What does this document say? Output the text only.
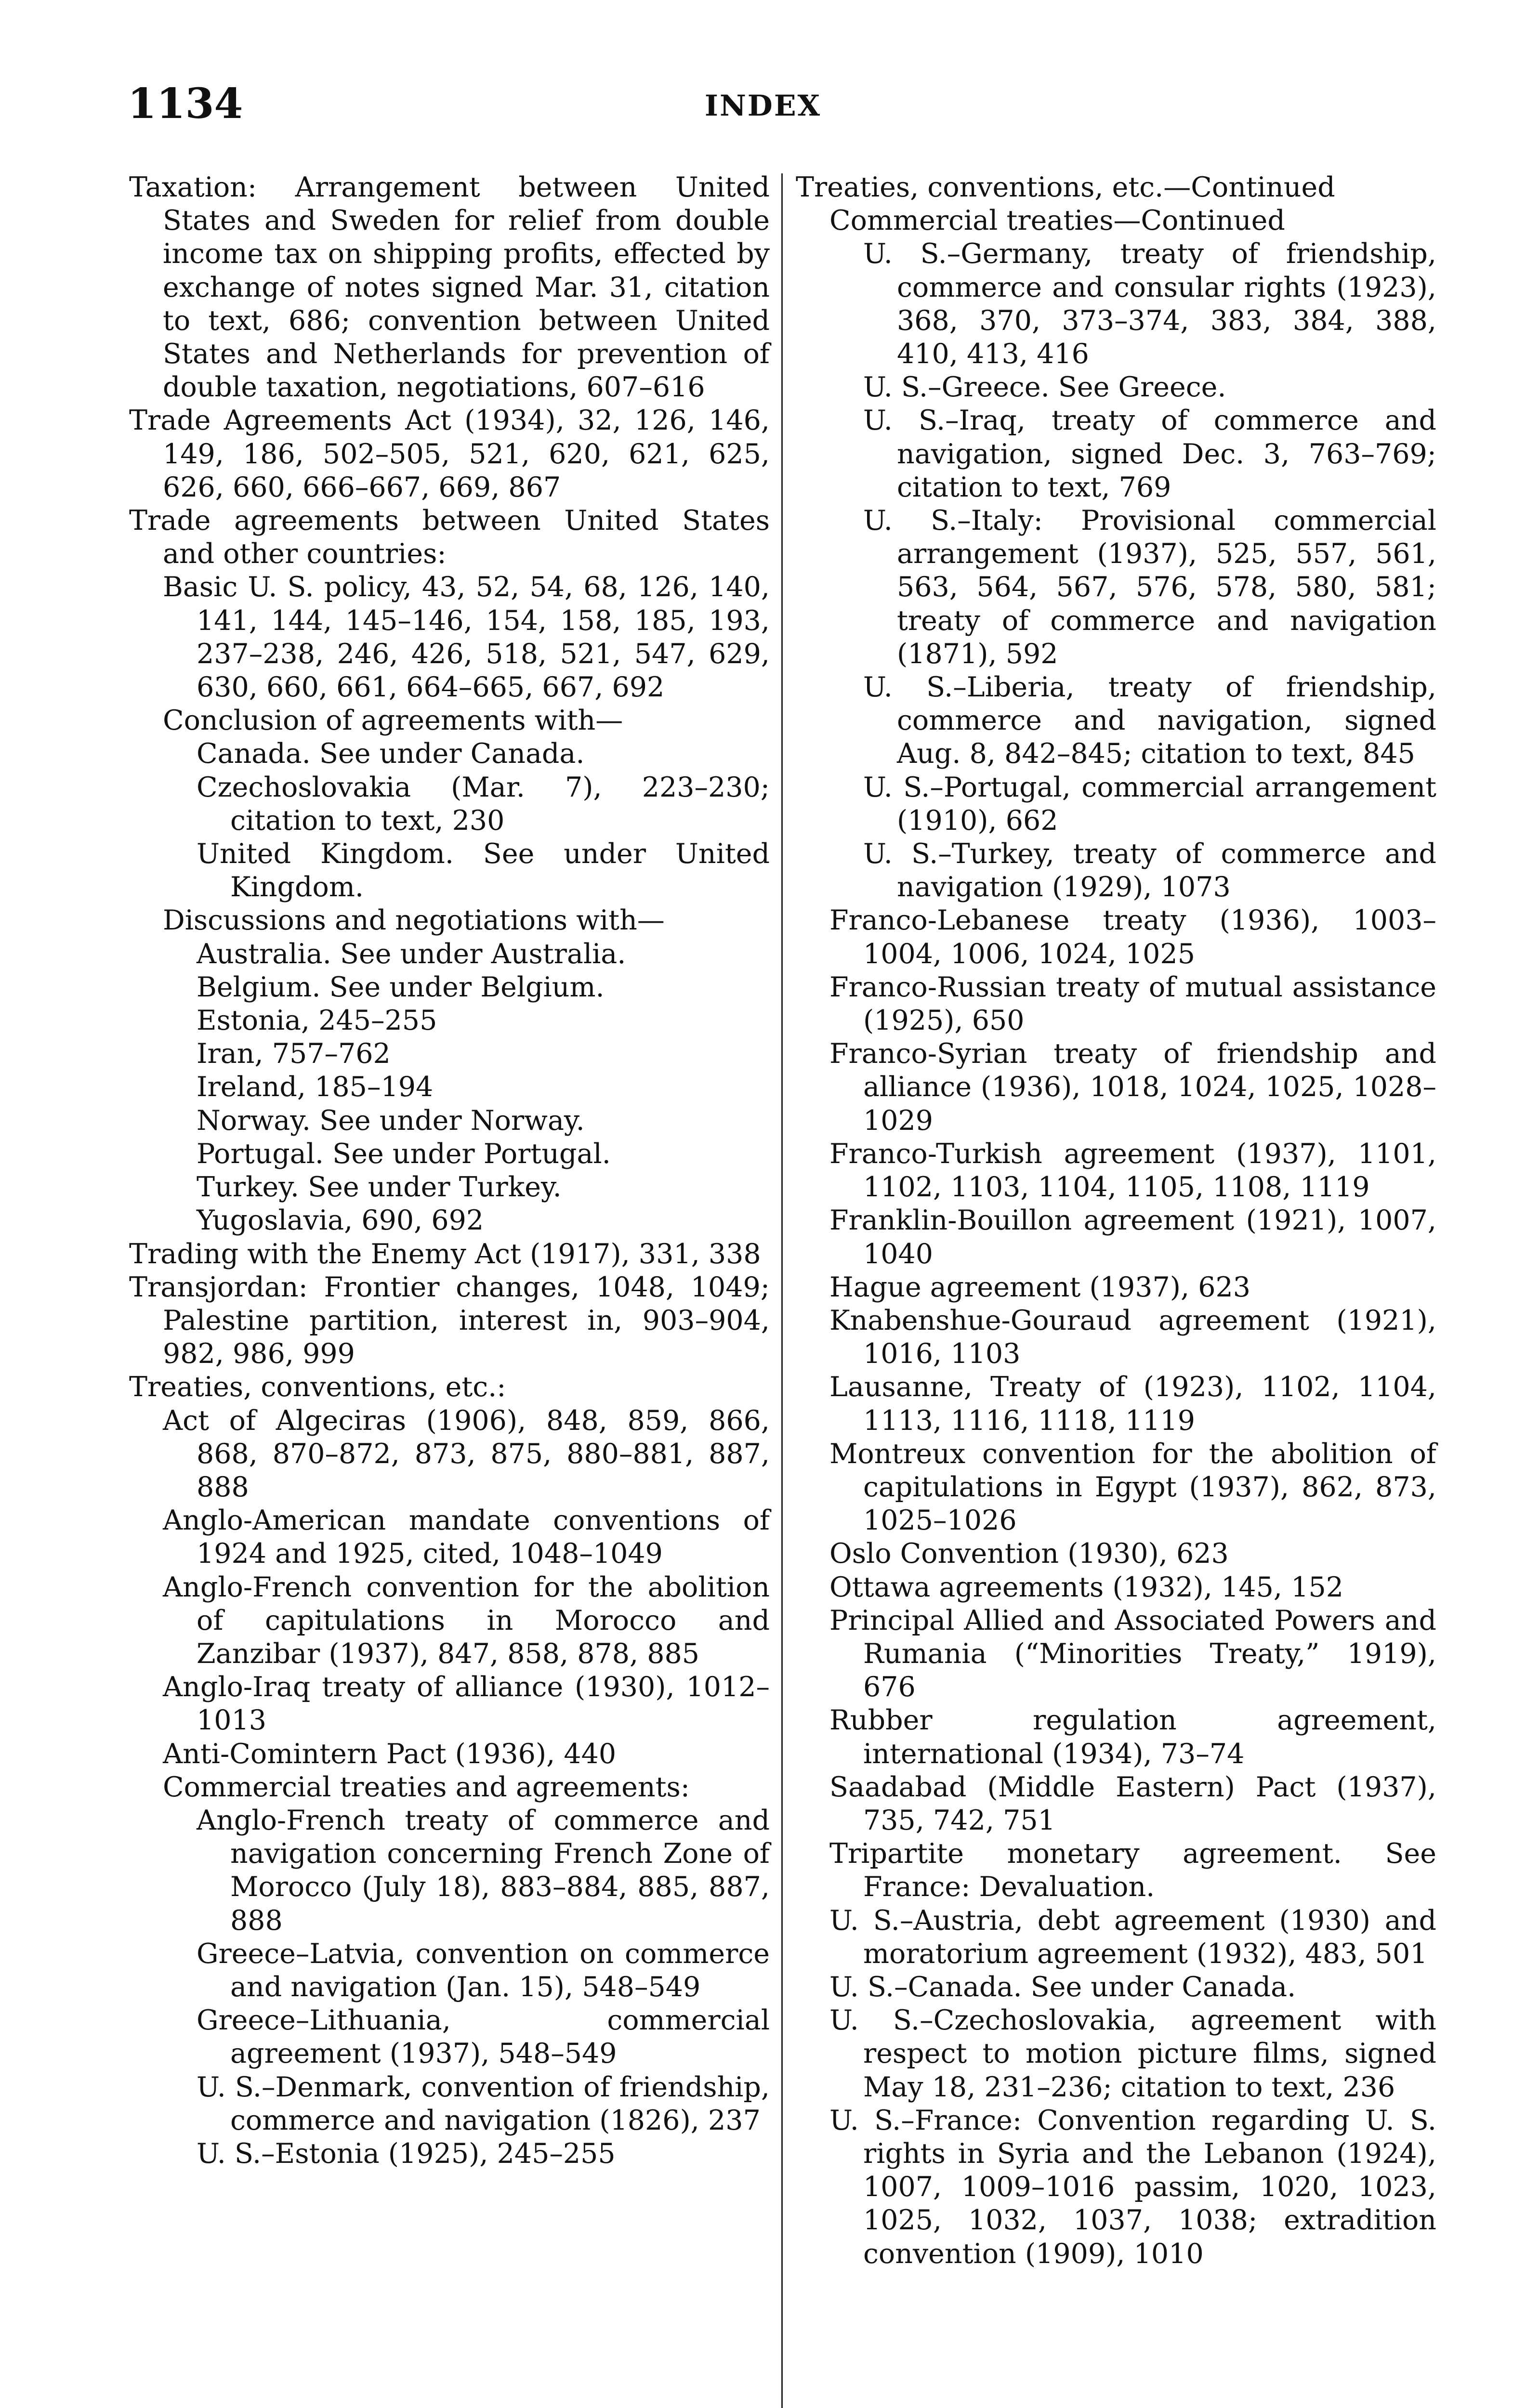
1134	INDEX
Taxation: Arrangement between United States and Sweden for relief from double income tax on shipping profits, effected by exchange of notes signed Mar. 31, citation to text, 686; convention between United States and Netherlands for prevention of double taxation, negotiations, 607–616
Trade Agreements Act (1934), 32, 126, 146, 149, 186, 502–505, 521, 620, 621, 625, 626, 660, 666–667, 669, 867
Trade agreements between United States and other countries:
Basic U. S. policy, 43, 52, 54, 68, 126, 140, 141, 144, 145–146, 154, 158, 185, 193, 237–238, 246, 426, 518, 521, 547, 629, 630, 660, 661, 664–665, 667, 692
Conclusion of agreements with—
Canada. See under Canada.
Czechoslovakia (Mar. 7), 223–230; citation to text, 230
United Kingdom. See under United Kingdom.
Discussions and negotiations with—
Australia. See under Australia.
Belgium. See under Belgium.
Estonia, 245–255
Iran, 757–762
Ireland, 185–194
Norway. See under Norway.
Portugal. See under Portugal.
Turkey. See under Turkey.
Yugoslavia, 690, 692
Trading with the Enemy Act (1917), 331, 338
Transjordan: Frontier changes, 1048, 1049; Palestine partition, interest in, 903–904, 982, 986, 999
Treaties, conventions, etc.:
Act of Algeciras (1906), 848, 859, 866, 868, 870–872, 873, 875, 880–881, 887, 888
Anglo-American mandate conventions of 1924 and 1925, cited, 1048–1049
Anglo-French convention for the abolition of capitulations in Morocco and Zanzibar (1937), 847, 858, 878, 885
Anglo-Iraq treaty of alliance (1930), 1012–1013
Anti-Comintern Pact (1936), 440
Commercial treaties and agreements:
Anglo-French treaty of commerce and navigation concerning French Zone of Morocco (July 18), 883–884, 885, 887, 888
Greece–Latvia, convention on commerce and navigation (Jan. 15), 548–549
Greece–Lithuania, commercial agreement (1937), 548–549
U. S.–Denmark, convention of friendship, commerce and navigation (1826), 237
U. S.–Estonia (1925), 245–255
Treaties, conventions, etc.—Continued
Commercial treaties—Continued
U. S.–Germany, treaty of friendship, commerce and consular rights (1923), 368, 370, 373–374, 383, 384, 388, 410, 413, 416
U. S.–Greece. See Greece.
U. S.–Iraq, treaty of commerce and navigation, signed Dec. 3, 763–769; citation to text, 769
U. S.–Italy: Provisional commercial arrangement (1937), 525, 557, 561, 563, 564, 567, 576, 578, 580, 581; treaty of commerce and navigation (1871), 592
U. S.–Liberia, treaty of friendship, commerce and navigation, signed Aug. 8, 842–845; citation to text, 845
U. S.–Portugal, commercial arrangement (1910), 662
U. S.–Turkey, treaty of commerce and navigation (1929), 1073
Franco-Lebanese treaty (1936), 1003–1004, 1006, 1024, 1025
Franco-Russian treaty of mutual assistance (1925), 650
Franco-Syrian treaty of friendship and alliance (1936), 1018, 1024, 1025, 1028–1029
Franco-Turkish agreement (1937), 1101, 1102, 1103, 1104, 1105, 1108, 1119
Franklin-Bouillon agreement (1921), 1007, 1040
Hague agreement (1937), 623
Knabenshue-Gouraud agreement (1921), 1016, 1103
Lausanne, Treaty of (1923), 1102, 1104, 1113, 1116, 1118, 1119
Montreux convention for the abolition of capitulations in Egypt (1937), 862, 873, 1025–1026
Oslo Convention (1930), 623
Ottawa agreements (1932), 145, 152
Principal Allied and Associated Powers and Rumania (“Minorities Treaty,” 1919), 676
Rubber regulation agreement, international (1934), 73–74
Saadabad (Middle Eastern) Pact (1937), 735, 742, 751
Tripartite monetary agreement. See France: Devaluation.
U. S.–Austria, debt agreement (1930) and moratorium agreement (1932), 483, 501
U. S.–Canada. See under Canada.
U. S.–Czechoslovakia, agreement with respect to motion picture films, signed May 18, 231–236; citation to text, 236
U. S.–France: Convention regarding U. S. rights in Syria and the Lebanon (1924), 1007, 1009–1016 passim, 1020, 1023, 1025, 1032, 1037, 1038; extradition convention (1909), 1010
